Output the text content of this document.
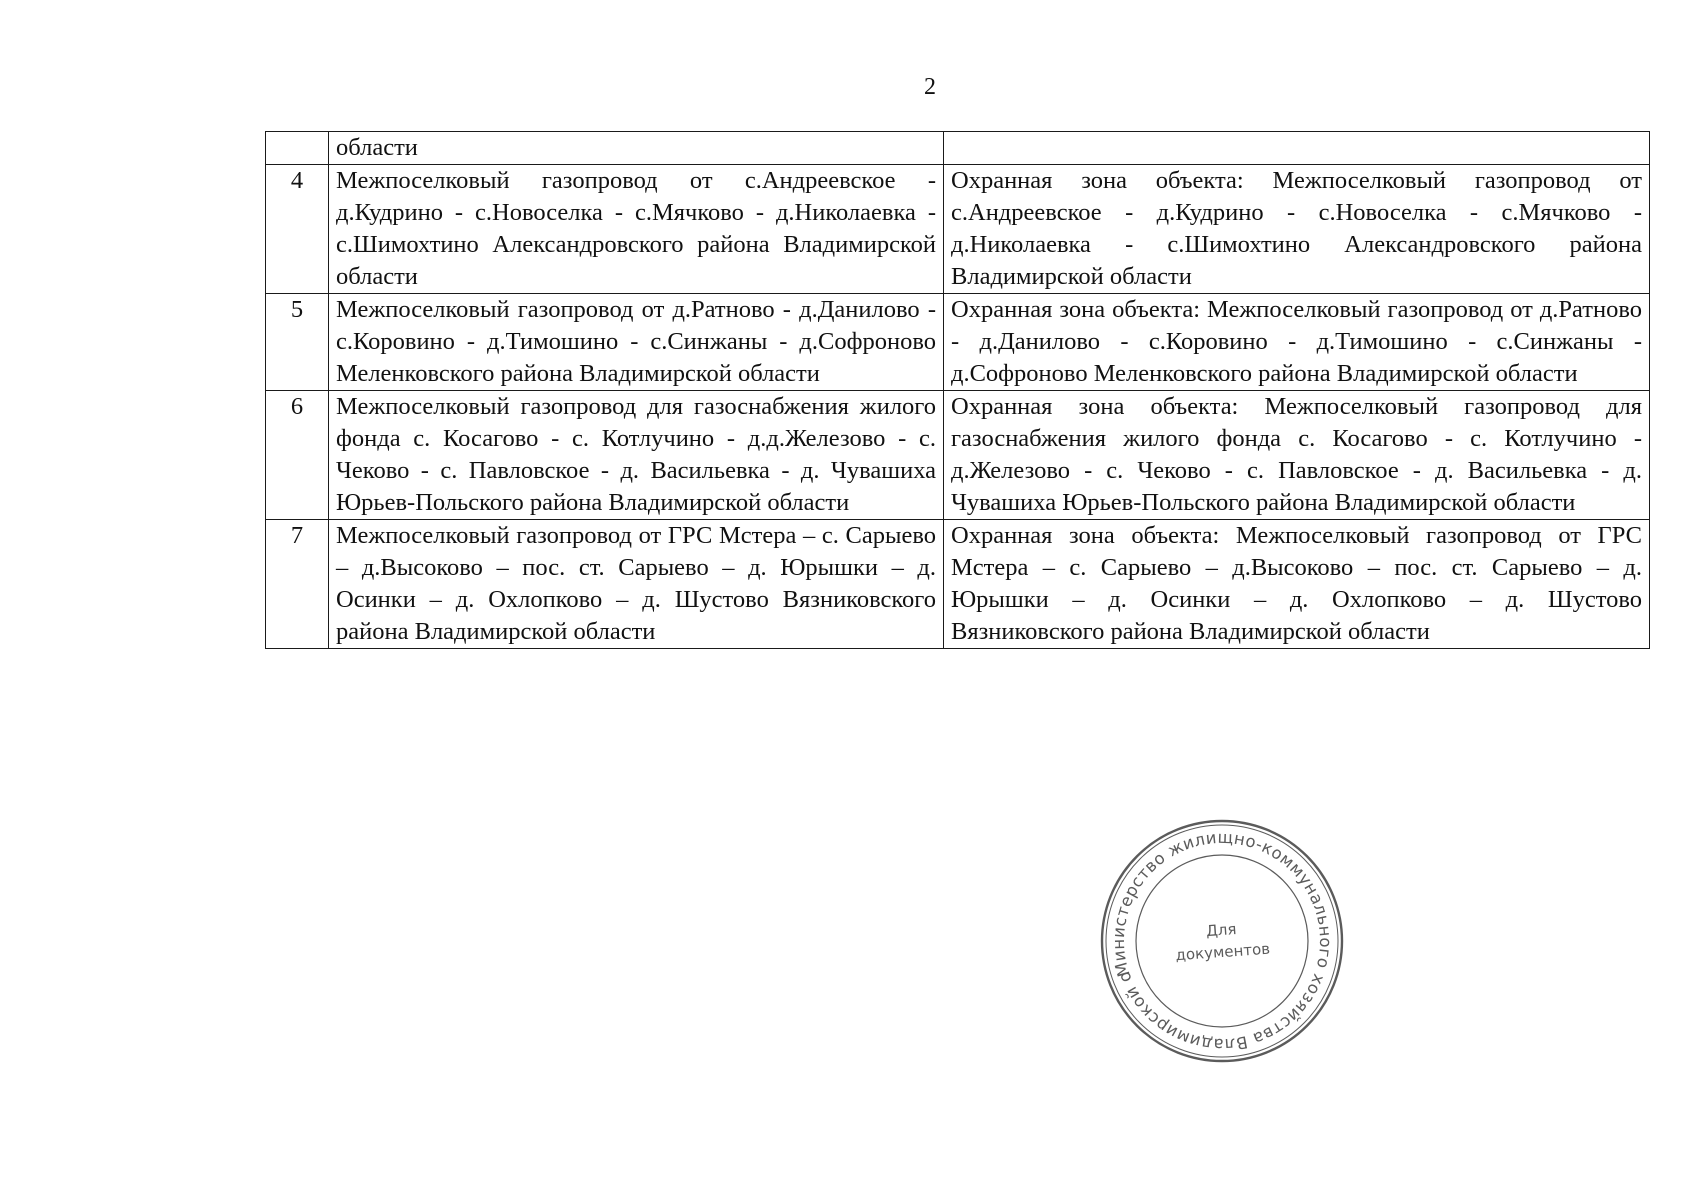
2
	области	
4	Межпоселковый газопровод от с.Андреевское - д.Кудрино - с.Новоселка - с.Мячково - д.Николаевка - с.Шимохтино Александровского района Владимирской области	Охранная зона объекта: Межпоселковый газопровод от с.Андреевское - д.Кудрино - с.Новоселка - с.Мячково - д.Николаевка - с.Шимохтино Александровского района Владимирской области
5	Межпоселковый газопровод от д.Ратново - д.Данилово - с.Коровино - д.Тимошино - с.Синжаны - д.Софроново Меленковского района Владимирской области	Охранная зона объекта: Межпоселковый газопровод от д.Ратново - д.Данилово - с.Коровино - д.Тимошино - с.Синжаны - д.Софроново Меленковского района Владимирской области
6	Межпоселковый газопровод для газоснабжения жилого фонда с. Косагово - с. Котлучино - д.д.Железово - с. Чеково - с. Павловское - д. Васильевка - д. Чувашиха Юрьев-Польского района Владимирской области	Охранная зона объекта: Межпоселковый газопровод для газоснабжения жилого фонда с. Косагово - с. Котлучино - д.Железово - с. Чеково - с. Павловское - д. Васильевка - д. Чувашиха Юрьев-Польского района Владимирской области
7	Межпоселковый газопровод от ГРС Мстера – с. Сарыево – д.Высоково – пос. ст. Сарыево – д. Юрышки – д. Осинки – д. Охлопково – д. Шустово Вязниковского района Владимирской области	Охранная зона объекта: Межпоселковый газопровод от ГРС Мстера – с. Сарыево – д.Высоково – пос. ст. Сарыево – д. Юрышки – д. Осинки – д. Охлопково – д. Шустово Вязниковского района Владимирской области
Министерство жилищно-коммунального хозяйства Владимирской области
Для
документов
